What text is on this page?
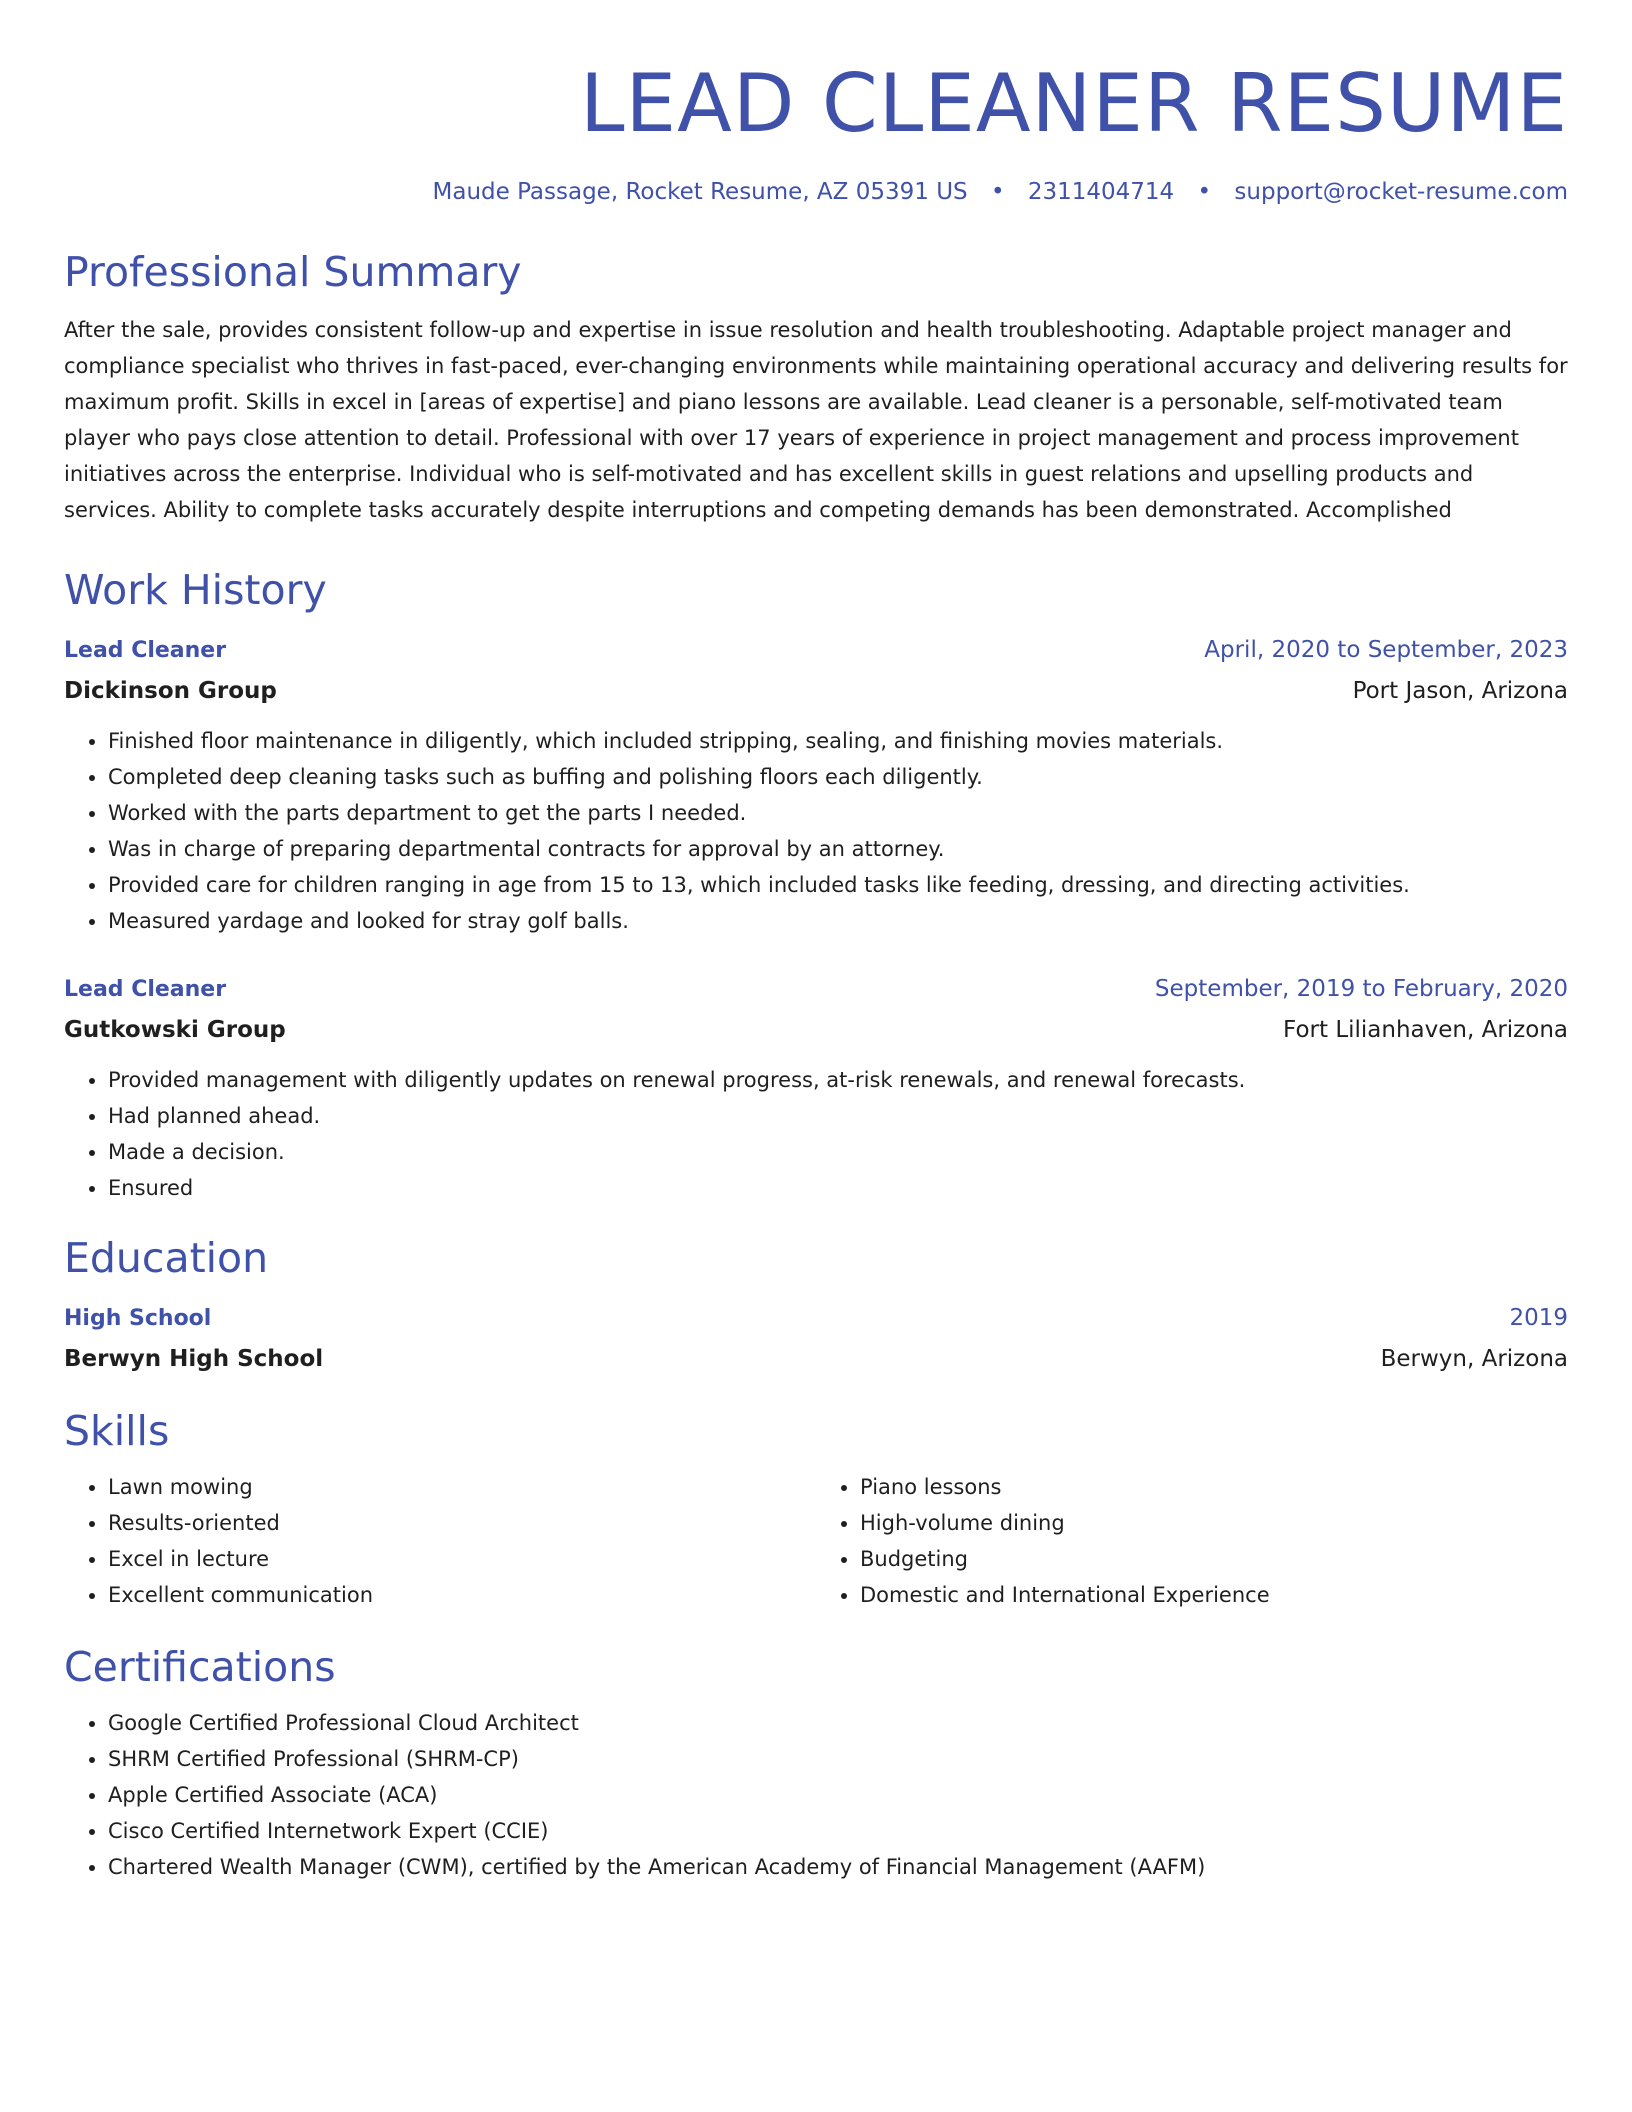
LEAD CLEANER RESUME
Maude Passage, Rocket Resume, AZ 05391 US • 2311404714 • support@rocket-resume.com
Professional Summary

After the sale, provides consistent follow-up and expertise in issue resolution and health troubleshooting. Adaptable project manager and compliance specialist who thrives in fast-paced, ever-changing environments while maintaining operational accuracy and delivering results for maximum profit. Skills in excel in [areas of expertise] and piano lessons are available. Lead cleaner is a personable, self-motivated team player who pays close attention to detail. Professional with over 17 years of experience in project management and process improvement initiatives across the enterprise. Individual who is self-motivated and has excellent skills in guest relations and upselling products and services. Ability to complete tasks accurately despite interruptions and competing demands has been demonstrated. Accomplished

Work History
Lead Cleaner	April, 2020 to September, 2023
Dickinson Group	Port Jason, Arizona
• Finished floor maintenance in diligently, which included stripping, sealing, and finishing movies materials.
• Completed deep cleaning tasks such as buffing and polishing floors each diligently.
• Worked with the parts department to get the parts I needed.
• Was in charge of preparing departmental contracts for approval by an attorney.
• Provided care for children ranging in age from 15 to 13, which included tasks like feeding, dressing, and directing activities.
• Measured yardage and looked for stray golf balls.
Lead Cleaner	September, 2019 to February, 2020
Gutkowski Group	Fort Lilianhaven, Arizona
• Provided management with diligently updates on renewal progress, at-risk renewals, and renewal forecasts.
• Had planned ahead.
• Made a decision.
• Ensured
Education
High School	2019
Berwyn High School	Berwyn, Arizona
Skills
• Lawn mowing
• Results-oriented
• Excel in lecture
• Excellent communication
• Piano lessons
• High-volume dining
• Budgeting
• Domestic and International Experience
Certifications
• Google Certified Professional Cloud Architect
• SHRM Certified Professional (SHRM-CP)
• Apple Certified Associate (ACA)
• Cisco Certified Internetwork Expert (CCIE)
• Chartered Wealth Manager (CWM), certified by the American Academy of Financial Management (AAFM)
